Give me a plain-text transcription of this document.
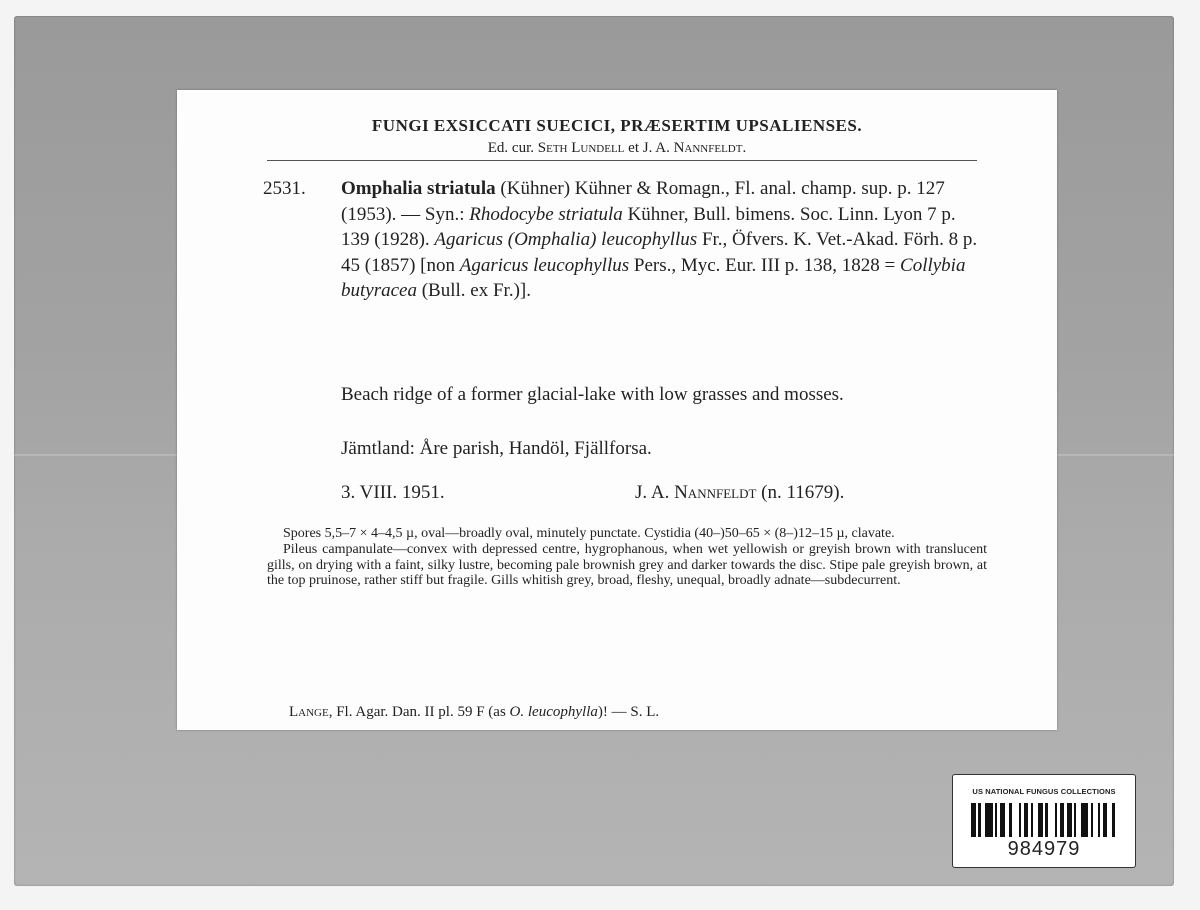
FUNGI EXSICCATI SUECICI, PRÆSERTIM UPSALIENSES.
Ed. cur. Seth Lundell et J. A. Nannfeldt.
2531. Omphalia striatula (Kühner) Kühner & Romagn., Fl. anal. champ. sup. p. 127 (1953). — Syn.: Rhodocybe striatula Kühner, Bull. bimens. Soc. Linn. Lyon 7 p. 139 (1928). Agaricus (Omphalia) leucophyllus Fr., Öfvers. K. Vet.-Akad. Förh. 8 p. 45 (1857) [non Agaricus leucophyllus Pers., Myc. Eur. III p. 138, 1828 = Collybia butyracea (Bull. ex Fr.)].
Beach ridge of a former glacial-lake with low grasses and mosses.
Jämtland: Åre parish, Handöl, Fjällforsa.
3. VIII. 1951.	J. A. Nannfeldt (n. 11679).

Spores 5,5–7 × 4–4,5 µ, oval—broadly oval, minutely punctate. Cystidia (40–)50–65 × (8–)12–15 µ, clavate.

Pileus campanulate—convex with depressed centre, hygrophanous, when wet yellowish or greyish brown with translucent gills, on drying with a faint, silky lustre, becoming pale brownish grey and darker towards the disc. Stipe pale greyish brown, at the top pruinose, rather stiff but fragile. Gills whitish grey, broad, fleshy, unequal, broadly adnate—subdecurrent.

Lange, Fl. Agar. Dan. II pl. 59 F (as O. leucophylla)! — S. L.
US NATIONAL FUNGUS COLLECTIONS
984979
